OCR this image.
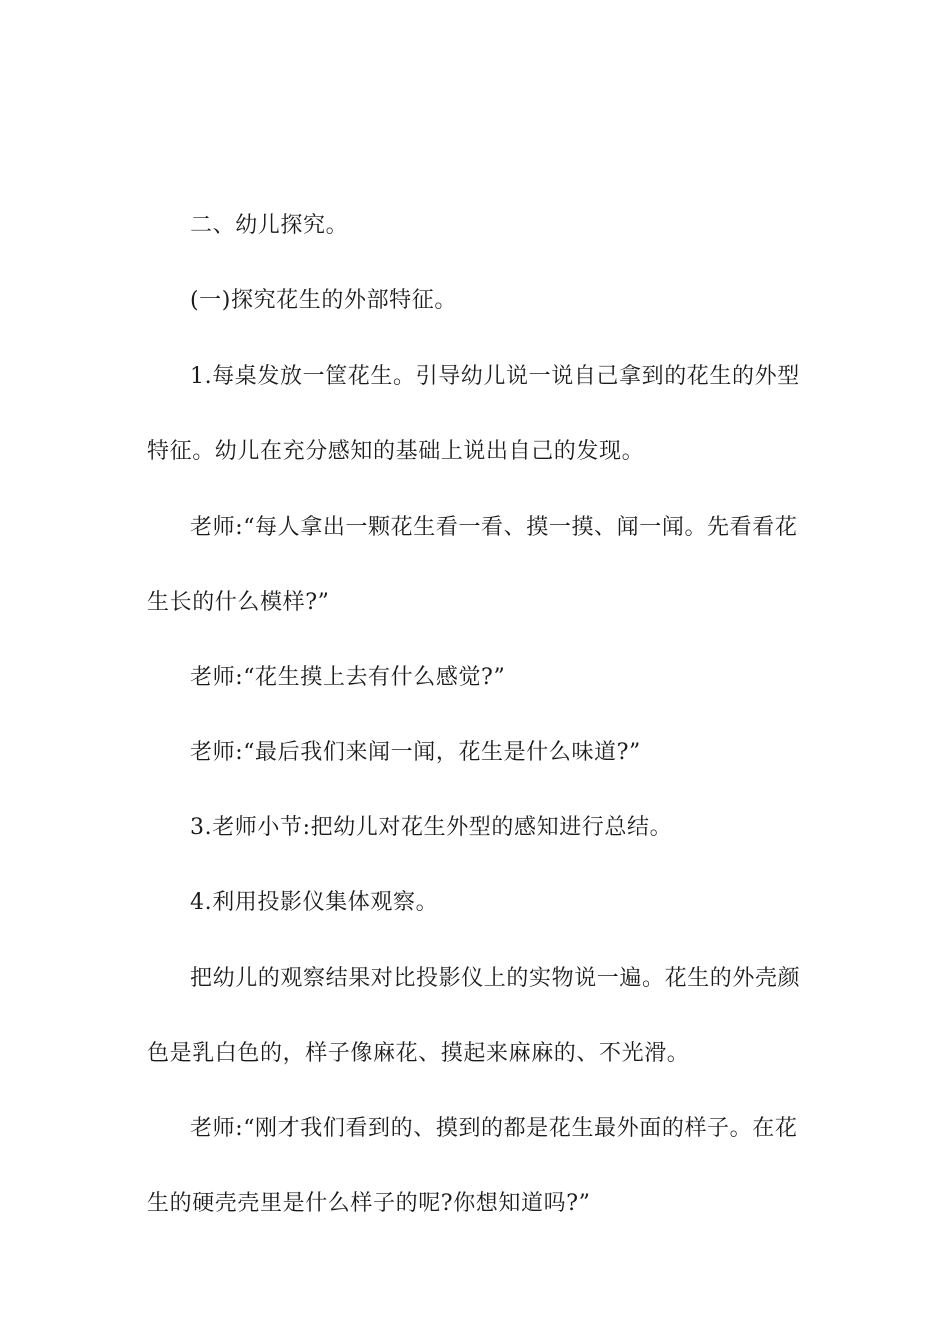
二、幼儿探究。
(一)探究花生的外部特征。
1.每桌发放一筐花生。引导幼儿说一说自己拿到的花生的外型
特征。幼儿在充分感知的基础上说出自己的发现。
老师:“每人拿出一颗花生看一看、摸一摸、闻一闻。先看看花
生长的什么模样?”
老师:“花生摸上去有什么感觉?”
老师:“最后我们来闻一闻，花生是什么味道?”
3.老师小节:把幼儿对花生外型的感知进行总结。
4.利用投影仪集体观察。
把幼儿的观察结果对比投影仪上的实物说一遍。花生的外壳颜
色是乳白色的，样子像麻花、摸起来麻麻的、不光滑。
老师:“刚才我们看到的、摸到的都是花生最外面的样子。在花
生的硬壳壳里是什么样子的呢?你想知道吗?”
